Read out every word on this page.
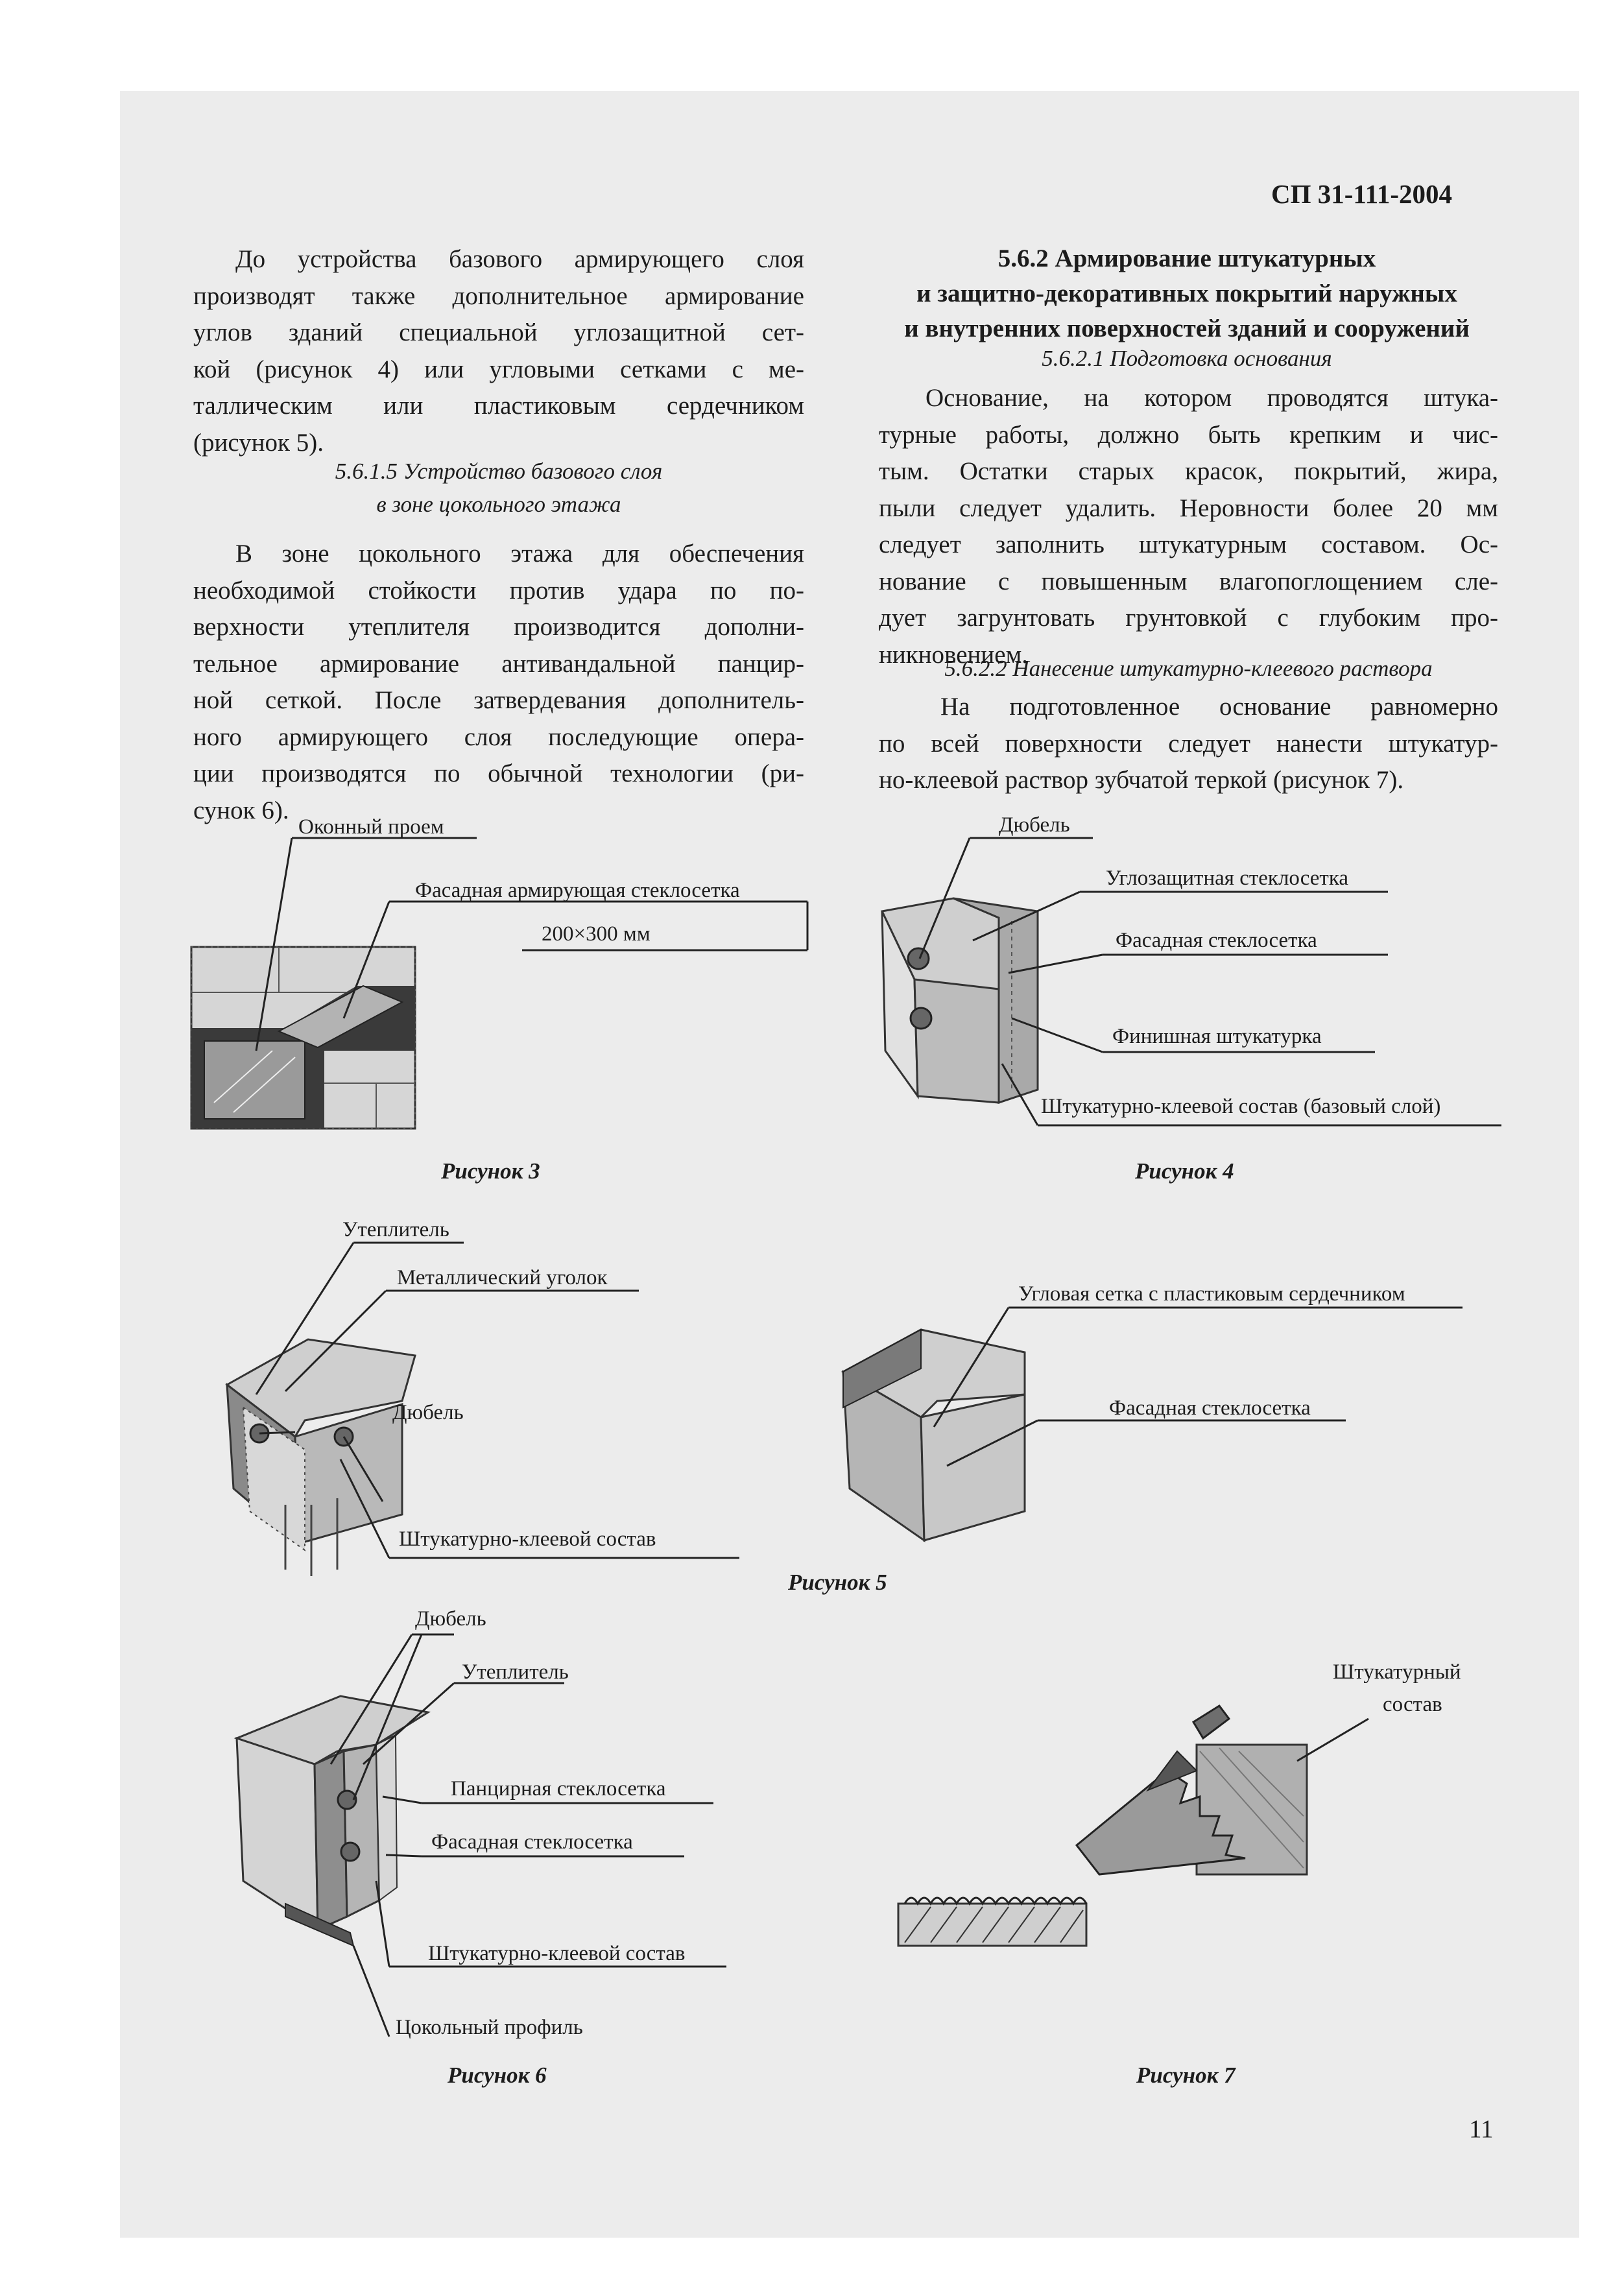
СП 31-111-2004

До устройства базового армирующего слоя

производят также дополнительное армирование

углов зданий специальной углозащитной сет-

кой (рисунок 4) или угловыми сетками с ме-

таллическим или пластиковым сердечником

(рисунок 5).

5.6.1.5 Устройство базового слоя

в зоне цокольного этажа

В зоне цокольного этажа для обеспечения

необходимой стойкости против удара по по-

верхности утеплителя производится дополни-

тельное армирование антивандальной панцир-

ной сеткой. После затвердевания дополнитель-

ного армирующего слоя последующие опера-

ции производятся по обычной технологии (ри-

сунок 6).

5.6.2 Армирование штукатурных

и защитно-декоративных покрытий наружных

и внутренних поверхностей зданий и сооружений

5.6.2.1 Подготовка основания

Основание, на котором проводятся штука-

турные работы, должно быть крепким и чис-

тым. Остатки старых красок, покрытий, жира,

пыли следует удалить. Неровности более 20 мм

следует заполнить штукатурным составом. Ос-

нование с повышенным влагопоглощением сле-

дует загрунтовать грунтовкой с глубоким про-

никновением.

5.6.2.2 Нанесение штукатурно-клеевого раствора

На подготовленное основание равномерно

по всей поверхности следует нанести штукатур-

но-клеевой раствор зубчатой теркой (рисунок 7).

Оконный проем
Фасадная армирующая стеклосетка
200×300 мм
Рисунок 3
Дюбель
Углозащитная стеклосетка
Фасадная стеклосетка
Финишная штукатурка
Штукатурно-клеевой состав (базовый слой)
Рисунок 4
Утеплитель
Металлический уголок
Дюбель
Штукатурно-клеевой состав
Угловая сетка с пластиковым сердечником
Фасадная стеклосетка
Рисунок 5
Дюбель
Утеплитель
Панцирная стеклосетка
Фасадная стеклосетка
Штукатурно-клеевой состав
Цокольный профиль
Рисунок 6
Штукатурный
состав
Рисунок 7
11
